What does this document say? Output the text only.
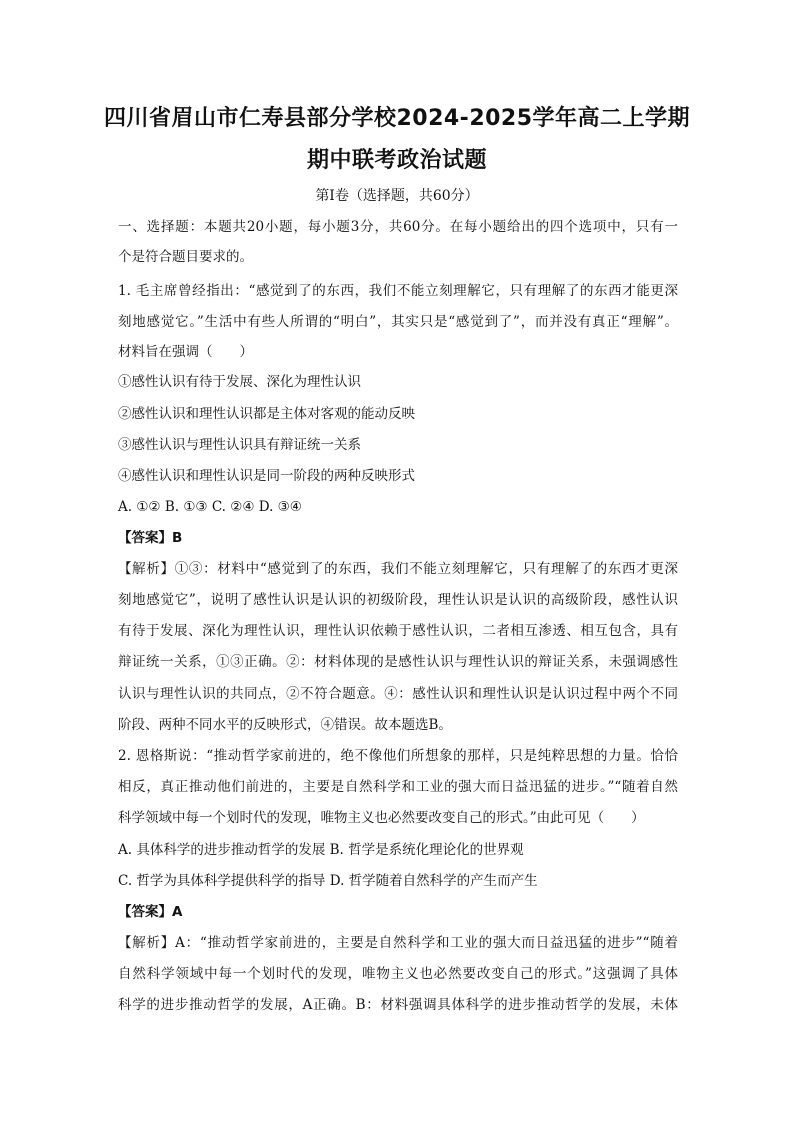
四川省眉山市仁寿县部分学校2024-2025学年高二上学期
期中联考政治试题
第Ⅰ卷（选择题，共60分）
一、选择题：本题共20小题，每小题3分，共60分。在每小题给出的四个选项中，只有一
个是符合题目要求的。
1. 毛主席曾经指出：“感觉到了的东西，我们不能立刻理解它，只有理解了的东西才能更深
刻地感觉它。”生活中有些人所谓的“明白”，其实只是“感觉到了”，而并没有真正“理解”。
材料旨在强调（　　）
①感性认识有待于发展、深化为理性认识
②感性认识和理性认识都是主体对客观的能动反映
③感性认识与理性认识具有辩证统一关系
④感性认识和理性认识是同一阶段的两种反映形式
A. ①② B. ①③ C. ②④ D. ③④
【答案】B
【解析】①③：材料中“感觉到了的东西，我们不能立刻理解它，只有理解了的东西才更深
刻地感觉它”，说明了感性认识是认识的初级阶段，理性认识是认识的高级阶段，感性认识
有待于发展、深化为理性认识，理性认识依赖于感性认识，二者相互渗透、相互包含，具有
辩证统一关系，①③正确。②：材料体现的是感性认识与理性认识的辩证关系，未强调感性
认识与理性认识的共同点，②不符合题意。④：感性认识和理性认识是认识过程中两个不同
阶段、两种不同水平的反映形式，④错误。故本题选B。
2. 恩格斯说：“推动哲学家前进的，绝不像他们所想象的那样，只是纯粹思想的力量。恰恰
相反，真正推动他们前进的，主要是自然科学和工业的强大而日益迅猛的进步。”“随着自然
科学领域中每一个划时代的发现，唯物主义也必然要改变自己的形式。”由此可见（　　）
A. 具体科学的进步推动哲学的发展 B. 哲学是系统化理论化的世界观
C. 哲学为具体科学提供科学的指导 D. 哲学随着自然科学的产生而产生
【答案】A
【解析】A：“推动哲学家前进的，主要是自然科学和工业的强大而日益迅猛的进步”“随着
自然科学领域中每一个划时代的发现，唯物主义也必然要改变自己的形式。”这强调了具体
科学的进步推动哲学的发展，A正确。B：材料强调具体科学的进步推动哲学的发展，未体
